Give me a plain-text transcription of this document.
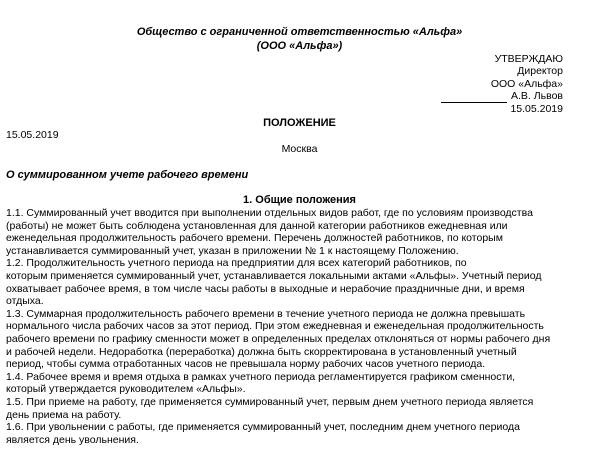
Общество с ограниченной ответственностью «Альфа»
(ООО «Альфа»)
УТВЕРЖДАЮ
Директор
ООО «Альфа»
А.В. Львов
15.05.2019
ПОЛОЖЕНИЕ
15.05.2019
Москва
О суммированном учете рабочего времени
1. Общие положения
1.1. Суммированный учет вводится при выполнении отдельных видов работ, где по условиям производства
(работы) не может быть соблюдена установленная для данной категории работников ежедневная или
еженедельная продолжительность рабочего времени. Перечень должностей работников, по которым
устанавливается суммированный учет, указан в приложении № 1 к настоящему Положению.
1.2. Продолжительность учетного периода на предприятии для всех категорий работников, по
которым применяется суммированный учет, устанавливается локальными актами «Альфы». Учетный период
охватывает рабочее время, в том числе часы работы в выходные и нерабочие праздничные дни, и время
отдыха.
1.3. Суммарная продолжительность рабочего времени в течение учетного периода не должна превышать
нормального числа рабочих часов за этот период. При этом ежедневная и еженедельная продолжительность
рабочего времени по графику сменности может в определенных пределах отклоняться от нормы рабочего дня
и рабочей недели. Недоработка (переработка) должна быть скорректирована в установленный учетный
период, чтобы сумма отработанных часов не превышала норму рабочих часов учетного периода.
1.4. Рабочее время и время отдыха в рамках учетного периода регламентируется графиком сменности,
который утверждается руководителем «Альфы».
1.5. При приеме на работу, где применяется суммированный учет, первым днем учетного периода является
день приема на работу.
1.6. При увольнении с работы, где применяется суммированный учет, последним днем учетного периода
является день увольнения.
